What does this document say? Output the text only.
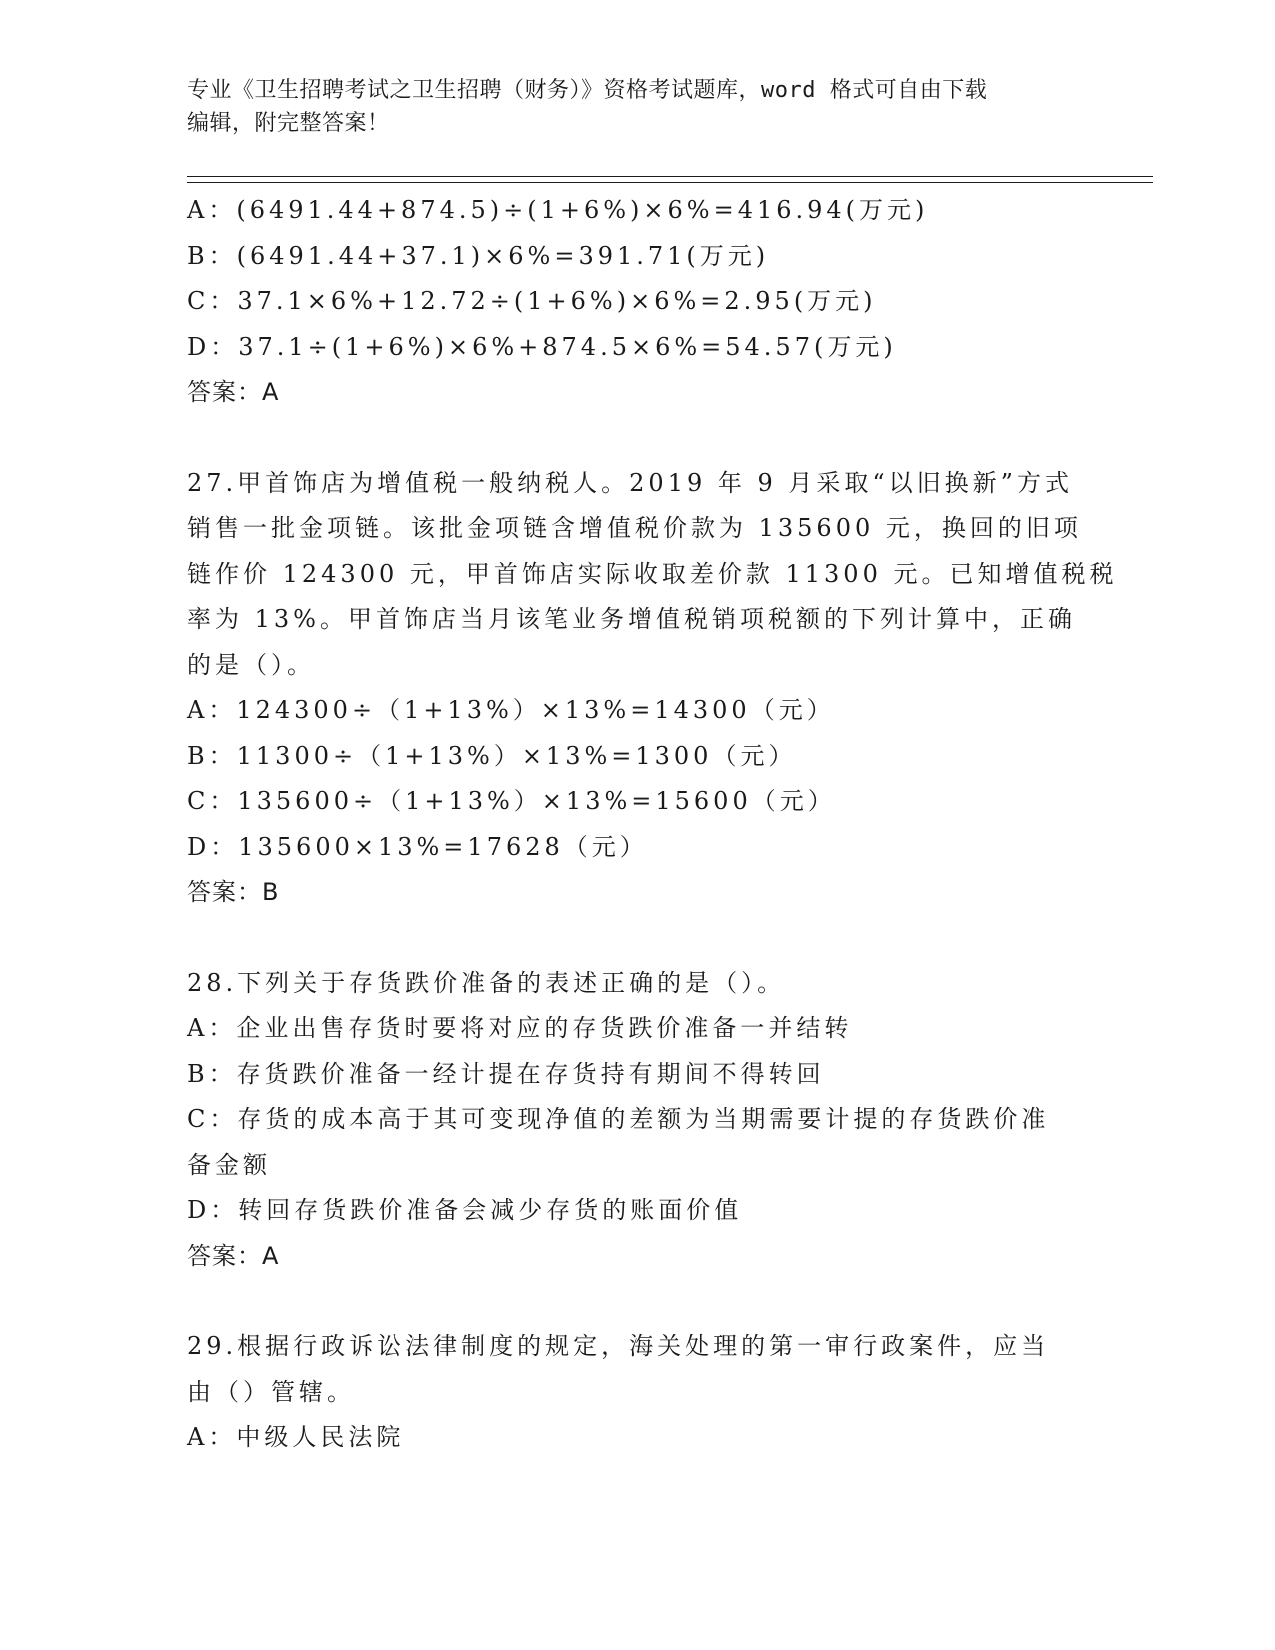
专业《卫生招聘考试之卫生招聘（财务）》资格考试题库，word 格式可自由下载
编辑，附完整答案！
A：(6491.44+874.5)÷(1+6%)×6%=416.94(万元)
B：(6491.44+37.1)×6%=391.71(万元)
C：37.1×6%+12.72÷(1+6%)×6%=2.95(万元)
D：37.1÷(1+6%)×6%+874.5×6%=54.57(万元)
答案：A
27.甲首饰店为增值税一般纳税人。2019 年 9 月采取“以旧换新”方式
销售一批金项链。该批金项链含增值税价款为 135600 元，换回的旧项
链作价 124300 元，甲首饰店实际收取差价款 11300 元。已知增值税税
率为 13%。甲首饰店当月该笔业务增值税销项税额的下列计算中，正确
的是（）。
A：124300÷（1+13%）×13%=14300（元）
B：11300÷（1+13%）×13%=1300（元）
C：135600÷（1+13%）×13%=15600（元）
D：135600×13%=17628（元）
答案：B
28.下列关于存货跌价准备的表述正确的是（）。
A：企业出售存货时要将对应的存货跌价准备一并结转
B：存货跌价准备一经计提在存货持有期间不得转回
C：存货的成本高于其可变现净值的差额为当期需要计提的存货跌价准
备金额
D：转回存货跌价准备会减少存货的账面价值
答案：A
29.根据行政诉讼法律制度的规定，海关处理的第一审行政案件，应当
由（）管辖。
A：中级人民法院
